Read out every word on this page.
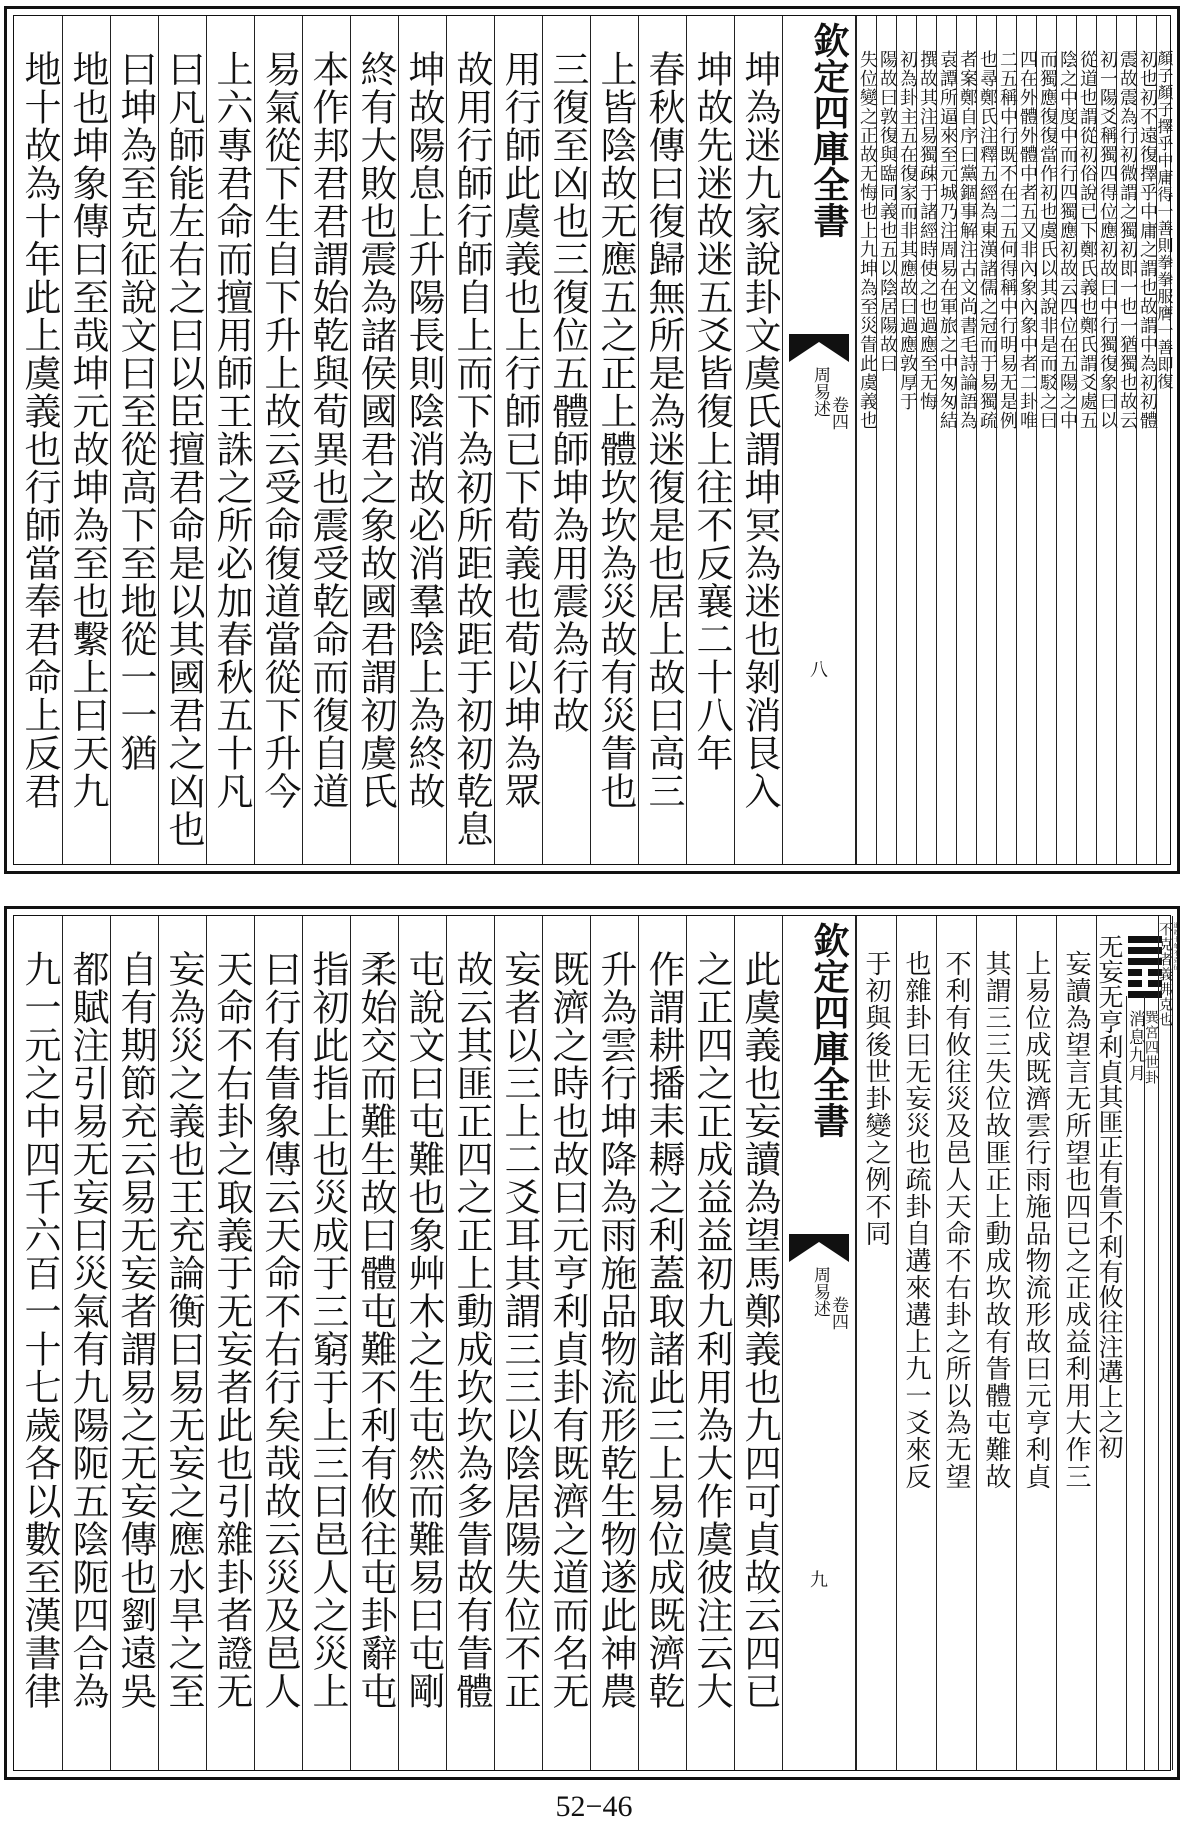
地十故為十年此上虞義也行師當奉君命上反君 地也坤象傳曰至哉坤元故坤為至也繫上曰天九 曰坤為至克征說文曰至從高下至地從一一猶 曰凡師能左右之曰以臣擅君命是以其國君之凶也 上六專君命而擅用師王誅之所必加春秋五十凡 易氣從下生自下升上故云受命復道當從下升今 本作邦君君謂始乾與荀異也震受乾命而復自道 終有大敗也震為諸侯國君之象故國君謂初虞氏 坤故陽息上升陽長則陰消故必消羣陰上為終故 故用行師行師自上而下為初所距故距于初初乾息 用行師此虞義也上行師已下荀義也荀以坤為眾 三復至凶也三復位五體師坤為用震為行故 上皆陰故无應五之正上體坎坎為災故有災眚也 春秋傳曰復歸無所是為迷復是也居上故曰高三 坤故先迷故迷五爻皆復上往不反襄二十八年 坤為迷九家說卦文虞氏謂坤冥為迷也剝消艮入 欽定四庫全書
周易述
卷四
八
失位變之正故无悔也上九坤為至災眚此虞義也 陽故曰敦復與臨同義也五以陰居陽故曰 初為卦主五在復家而非其應故曰過應敦厚于 撰故其注易獨疎于諸經時使之也過應至无悔 袁譚所逼來至元城乃注周易在軍旅之中匆匆結 者案鄭自序曰黨錮事解注古文尚書毛詩論語為 也尋鄭氏注釋五經為東漢諸儒之冠而于易獨疏 二五稱中行既不在二五何得稱中行明易无是例 四在外體外體中者五又非內象內象中者二卦唯 而獨應復復當作初也虞氏以其說非是而駁之曰 陰之中度中而行四獨應初故云四位在五陽之中 從道也謂從初俗說已下鄭氏義也鄭氏謂爻處五 初一陽爻稱獨四得位應初故曰中行獨復象曰以 震故震為行初微謂之獨初即一也一猶獨也故云 初也初不遠復擇乎中庸之謂也故謂中為初初體
顏子顏子擇乎中庸得一善則拳拳服膺一善即復
九一元之中四千六百一十七歲各以數至漢書律 都賦注引易无妄曰災氣有九陽阨五陰阨四合為 自有期節充云易无妄者謂易之无妄傳也劉遠吳 妄為災之義也王充論衡曰易无妄之應水旱之至 天命不右卦之取義于无妄者此也引雜卦者證无 曰行有眚象傳云天命不右行矣哉故云災及邑人 指初此指上也災成于三窮于上三曰邑人之災上 柔始交而難生故曰體屯難不利有攸往屯卦辭屯 屯說文曰屯難也象艸木之生屯然而難易曰屯剛 故云其匪正四之正上動成坎坎為多眚故有眚體 妄者以三上二爻耳其謂三三以陰居陽失位不正 既濟之時也故曰元亨利貞卦有既濟之道而名无 升為雲行坤降為雨施品物流形乾生物遂此神農 作謂耕播耒耨之利蓋取諸此三上易位成既濟乾 之正四之正成益益初九利用為大作虞彼注云大 此虞義也妄讀為望馬鄭義也九四可貞故云四已 欽定四庫全書
周易述
卷四
九
于初與後世卦變之例不同 也雜卦曰无妄災也疏卦自遘來遘上九一爻來反 不利有攸往災及邑人天命不右卦之所以為无望 其謂三三失位故匪正上動成坎故有眚體屯難故 上易位成既濟雲行雨施品物流形故曰元亨利貞 妄讀為望言无所望也四已之正成益利用大作三 无妄无亨利貞其匪正有眚不利有攸往注遘上之初 消息九月
巽宮四世卦
不克者義弗克也 道故十年不克征
52−46
